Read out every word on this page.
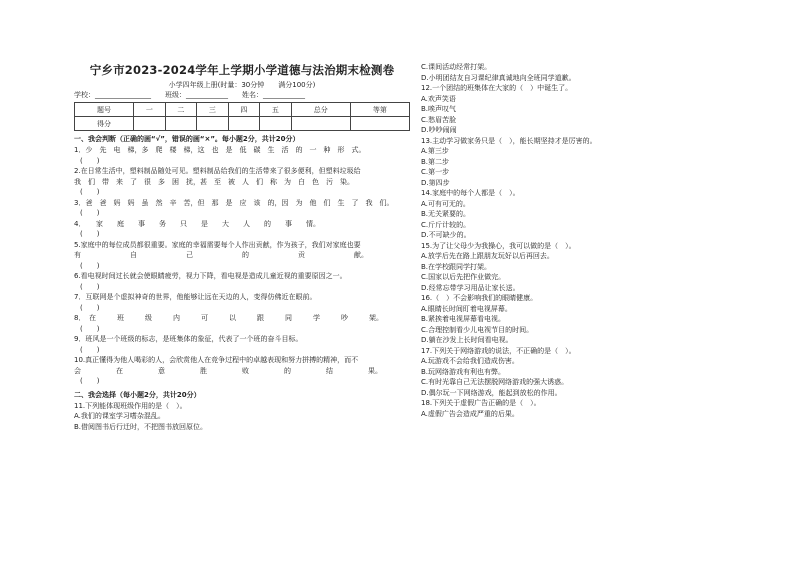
宁乡市2023-2024学年上学期小学道德与法治期末检测卷
小学四年级上册(时量：30分钟　　满分100分)
学校：________________ 班级：____________ 姓名：____________
题号	一	二	三	四	五	总分	等第
得分							
一、我会判断（正确的画“√”，错误的画“×”。每小题2分，共计20分）
1．少　先　电　梯，多　爬　楼　梯，这　也　是　低　碳　生　活　的　一　种　形　式。
(　　)
2.在日常生活中，塑料制品随处可见。塑料制品给我们的生活带来了很多便利，但塑料垃圾给
我　们　带　来　了　很　多　困　扰，甚　至　被　人　们　称　为　白　色　污　染。
(　　)
3．爸　爸　妈　妈　虽　然　辛　苦，但　那　是　应　该　的，因　为　他　们　生　了　我　们。
(　　)
4．　　家　　庭　　事　　务　　只　　是　　大　　人　　的　　事　　情。
(　　)
5.家庭中的每位成员都很重要。家庭的幸福需要每个人作出贡献，作为孩子，我们对家庭也要
有　　　　　　　自　　　　　　　己　　　　　　　的　　　　　　　贡　　　　　　　献。
(　　)
6.看电视时间过长就会使眼睛疲劳，视力下降，看电视是造成儿童近视的重要原因之一。
(　　)
7．互联网是个虚拟神奇的世界，他能够让远在天边的人，变得仿佛近在眼前。
(　　)
8．　在　　　班　　　级　　　内　　　可　　　以　　　跟　　　同　　　学　　　吵　　　架。
(　　)
9．班风是一个班级的标志，是班集体的象征，代表了一个班的奋斗目标。
(　　)
10.真正懂得为他人喝彩的人，会欣赏他人在竞争过程中的卓越表现和努力拼搏的精神，而不
会　　　　　在　　　　　意　　　　　胜　　　　　败　　　　　的　　　　　结　　　　　果。
(　　)
二、我会选择（每小题2分，共计20分）
11.下列能体现班级作用的是（　）。
A.我们的课室学习嗜杂混乱。
B.借阅图书后行迁时，不把图书放回原位。
C.课间活动经常打架。
D.小明团结友自习课纪律真诚地向全班同学道歉。
12.一个团结的班集体在大家的（　）中诞生了。
A.欢声笑语
B.唉声叹气
C.愁眉苦脸
D.吵吵闹闹
13.主动学习做家务只是（　），能长期坚持才是厉害的。
A.第三步
B.第二步
C.第一步
D.第四步
14.家庭中的每个人都是（　）。
A.可有可无的。
B.无关紧要的。
C.斤斤计较的。
D.不可缺少的。
15.为了让父母少为我操心，我可以做的是（　）。
A.放学后先在路上跟朋友玩好以后再回去。
B.在学校跟同学打架。
C.国家以后先把作业做完。
D.经常忘带学习用品让家长送。
16.（　）不会影响我们的眼睛健康。
A.眼睛长时间盯着电视屏幕。
B.紧挨着电视屏幕看电视。
C.合理控制看少儿电视节目的时间。
D.躺在沙发上长时间看电视。
17.下列关于网络游戏的说法，不正确的是（　）。
A.玩游戏不会给我们造成伤害。
B.玩网络游戏有利也有弊。
C.有时光靠自己无法摆脱网络游戏的强大诱惑。
D.偶尔玩一下网络游戏，能起到放松的作用。
18.下列关于虚假广告正确的是（　）。
A.虚假广告会造成严重的后果。
